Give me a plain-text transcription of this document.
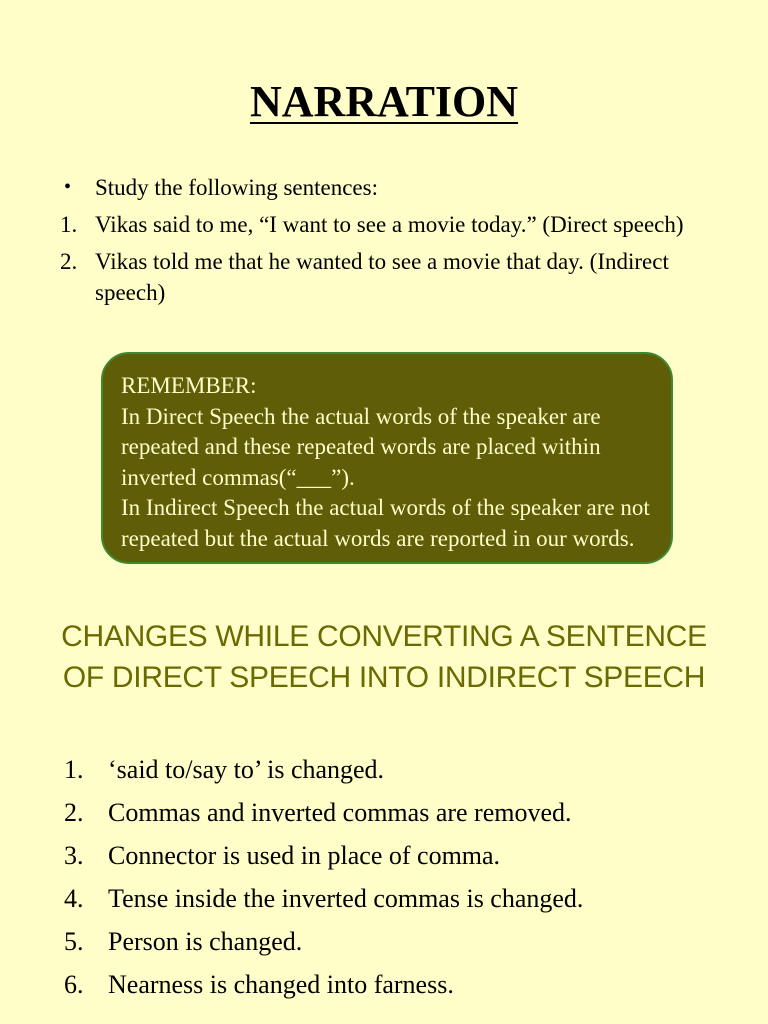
NARRATION
•	Study the following sentences:
1. Vikas said to me, “I want to see a movie today.” (Direct speech)
2. Vikas told me that he wanted to see a movie that day. (Indirect speech)

REMEMBER:

In Direct Speech the actual words of the speaker are repeated and these repeated words are placed within inverted commas(“___”).

In Indirect Speech the actual words of the speaker are not repeated but the actual words are reported in our words.

CHANGES WHILE CONVERTING A SENTENCE OF DIRECT SPEECH INTO INDIRECT SPEECH
1. ‘said to/say to’ is changed.
2. Commas and inverted commas are removed.
3. Connector is used in place of comma.
4. Tense inside the inverted commas is changed.
5. Person is changed.
6. Nearness is changed into farness.
